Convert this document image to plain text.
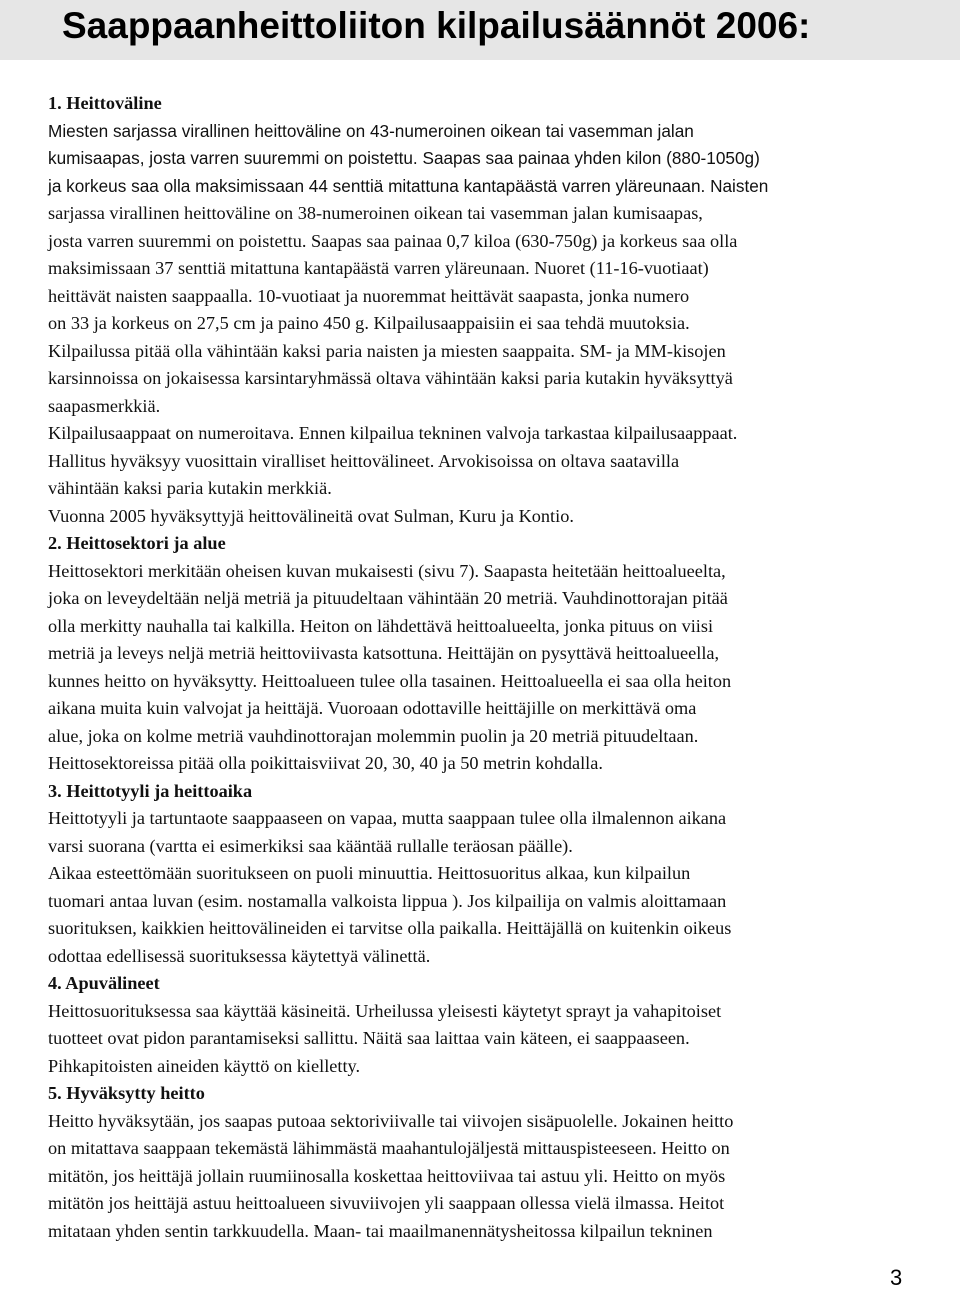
Saappaanheittoliiton kilpailusäännöt 2006:
1. Heittoväline
Miesten sarjassa virallinen heittoväline on 43-numeroinen oikean tai vasemman jalan
kumisaapas, josta varren suuremmi on poistettu. Saapas saa painaa yhden kilon (880-1050g)
ja korkeus saa olla maksimissaan 44 senttiä mitattuna kantapäästä varren yläreunaan. Naisten
sarjassa virallinen heittoväline on 38-numeroinen oikean tai vasemman jalan kumisaapas,
josta varren suuremmi on poistettu. Saapas saa painaa 0,7 kiloa (630-750g) ja korkeus saa olla
maksimissaan 37 senttiä mitattuna kantapäästä varren yläreunaan. Nuoret (11-16-vuotiaat)
heittävät naisten saappaalla. 10-vuotiaat ja nuoremmat heittävät saapasta, jonka numero
on 33 ja korkeus on 27,5 cm ja paino 450 g. Kilpailusaappaisiin ei saa tehdä muutoksia.
Kilpailussa pitää olla vähintään kaksi paria naisten ja miesten saappaita. SM- ja MM-kisojen
karsinnoissa on jokaisessa karsintaryhmässä oltava vähintään kaksi paria kutakin hyväksyttyä
saapasmerkkiä.
Kilpailusaappaat on numeroitava. Ennen kilpailua tekninen valvoja tarkastaa kilpailusaappaat.
Hallitus hyväksyy vuosittain viralliset heittovälineet. Arvokisoissa on oltava saatavilla
vähintään kaksi paria kutakin merkkiä.
Vuonna 2005 hyväksyttyjä heittovälineitä ovat Sulman, Kuru ja Kontio.
2. Heittosektori ja alue
Heittosektori merkitään oheisen kuvan mukaisesti (sivu 7). Saapasta heitetään heittoalueelta,
joka on leveydeltään neljä metriä ja pituudeltaan vähintään 20 metriä. Vauhdinottorajan pitää
olla merkitty nauhalla tai kalkilla. Heiton on lähdettävä heittoalueelta, jonka pituus on viisi
metriä ja leveys neljä metriä heittoviivasta katsottuna. Heittäjän on pysyttävä heittoalueella,
kunnes heitto on hyväksytty. Heittoalueen tulee olla tasainen. Heittoalueella ei saa olla heiton
aikana muita kuin valvojat ja heittäjä. Vuoroaan odottaville heittäjille on merkittävä oma
alue, joka on kolme metriä vauhdinottorajan molemmin puolin ja 20 metriä pituudeltaan.
Heittosektoreissa pitää olla poikittaisviivat 20, 30, 40 ja 50 metrin kohdalla.
3. Heittotyyli ja heittoaika
Heittotyyli ja tartuntaote saappaaseen on vapaa, mutta saappaan tulee olla ilmalennon aikana
varsi suorana (vartta ei esimerkiksi saa kääntää rullalle teräosan päälle).
Aikaa esteettömään suoritukseen on puoli minuuttia. Heittosuoritus alkaa, kun kilpailun
tuomari antaa luvan (esim. nostamalla valkoista lippua ). Jos kilpailija on valmis aloittamaan
suorituksen, kaikkien heittovälineiden ei tarvitse olla paikalla. Heittäjällä on kuitenkin oikeus
odottaa edellisessä suorituksessa käytettyä välinettä.
4. Apuvälineet
Heittosuorituksessa saa käyttää käsineitä. Urheilussa yleisesti käytetyt sprayt ja vahapitoiset
tuotteet ovat pidon parantamiseksi sallittu. Näitä saa laittaa vain käteen, ei saappaaseen.
Pihkapitoisten aineiden käyttö on kielletty.
5. Hyväksytty heitto
Heitto hyväksytään, jos saapas putoaa sektoriviivalle tai viivojen sisäpuolelle. Jokainen heitto
on mitattava saappaan tekemästä lähimmästä maahantulojäljestä mittauspisteeseen. Heitto on
mitätön, jos heittäjä jollain ruumiinosalla koskettaa heittoviivaa tai astuu yli. Heitto on myös
mitätön jos heittäjä astuu heittoalueen sivuviivojen yli saappaan ollessa vielä ilmassa. Heitot
mitataan yhden sentin tarkkuudella. Maan- tai maailmanennätysheitossa kilpailun tekninen
3
